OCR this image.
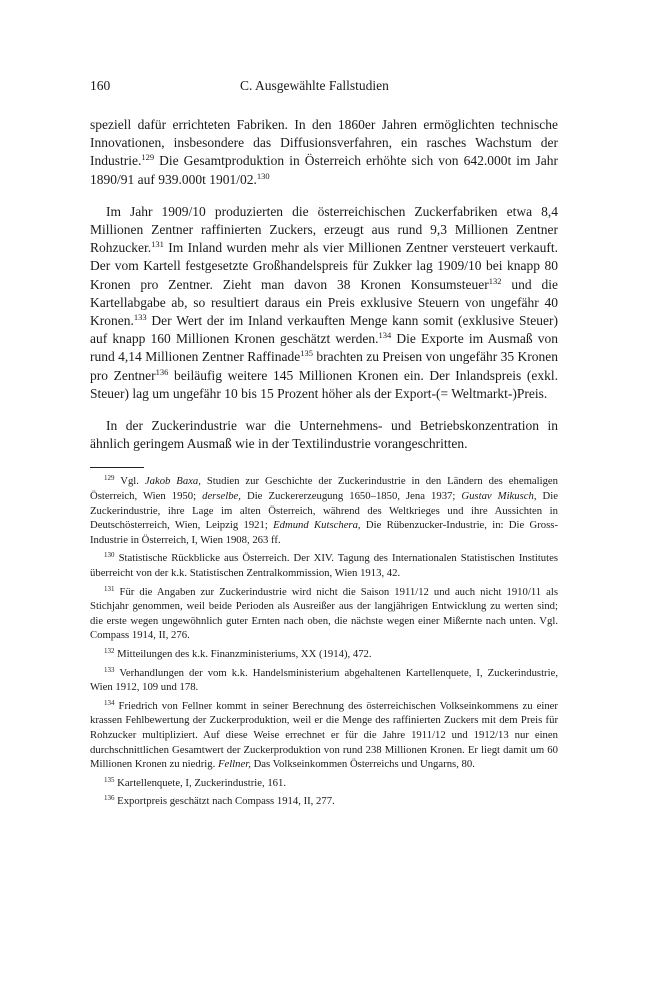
160	C. Ausgewählte Fallstudien

speziell dafür errichteten Fabriken. In den 1860er Jahren ermöglichten technische Innovationen, insbesondere das Diffusionsverfahren, ein rasches Wachstum der Industrie.$^{129}$ Die Gesamtproduktion in Österreich erhöhte sich von 642.000t im Jahr 1890/91 auf 939.000t 1901/02.$^{130}$

Im Jahr 1909/10 produzierten die österreichischen Zuckerfabriken etwa 8,4 Millionen Zentner raffinierten Zuckers, erzeugt aus rund 9,3 Millionen Zentner Rohzucker.$^{131}$ Im Inland wurden mehr als vier Millionen Zentner versteuert verkauft. Der vom Kartell festgesetzte Großhandelspreis für Zukker lag 1909/10 bei knapp 80 Kronen pro Zentner. Zieht man davon 38 Kronen Konsumsteuer$^{132}$ und die Kartellabgabe ab, so resultiert daraus ein Preis exklusive Steuern von ungefähr 40 Kronen.$^{133}$ Der Wert der im Inland verkauften Menge kann somit (exklusive Steuer) auf knapp 160 Millionen Kronen geschätzt werden.$^{134}$ Die Exporte im Ausmaß von rund 4,14 Millionen Zentner Raffinade$^{135}$ brachten zu Preisen von ungefähr 35 Kronen pro Zentner$^{136}$ beiläufig weitere 145 Millionen Kronen ein. Der Inlandspreis (exkl. Steuer) lag um ungefähr 10 bis 15 Prozent höher als der Export-(= Weltmarkt-)Preis.

In der Zuckerindustrie war die Unternehmens- und Betriebskonzentration in ähnlich geringem Ausmaß wie in der Textilindustrie vorangeschritten.

$^{129}$ Vgl. Jakob Baxa, Studien zur Geschichte der Zuckerindustrie in den Ländern des ehemaligen Österreich, Wien 1950; derselbe, Die Zuckererzeugung 1650–1850, Jena 1937; Gustav Mikusch, Die Zuckerindustrie, ihre Lage im alten Österreich, während des Weltkrieges und ihre Aussichten in Deutschösterreich, Wien, Leipzig 1921; Edmund Kutschera, Die Rübenzucker-Industrie, in: Die Gross-Industrie in Österreich, I, Wien 1908, 263 ff.
$^{130}$ Statistische Rückblicke aus Österreich. Der XIV. Tagung des Internationalen Statistischen Institutes überreicht von der k.k. Statistischen Zentralkommission, Wien 1913, 42.
$^{131}$ Für die Angaben zur Zuckerindustrie wird nicht die Saison 1911/12 und auch nicht 1910/11 als Stichjahr genommen, weil beide Perioden als Ausreißer aus der langjährigen Entwicklung zu werten sind; die erste wegen ungewöhnlich guter Ernten nach oben, die nächste wegen einer Mißernte nach unten. Vgl. Compass 1914, II, 276.
$^{132}$ Mitteilungen des k.k. Finanzministeriums, XX (1914), 472.
$^{133}$ Verhandlungen der vom k.k. Handelsministerium abgehaltenen Kartellenquete, I, Zuckerindustrie, Wien 1912, 109 und 178.
$^{134}$ Friedrich von Fellner kommt in seiner Berechnung des österreichischen Volkseinkommens zu einer krassen Fehlbewertung der Zuckerproduktion, weil er die Menge des raffinierten Zuckers mit dem Preis für Rohzucker multipliziert. Auf diese Weise errechnet er für die Jahre 1911/12 und 1912/13 nur einen durchschnittlichen Gesamtwert der Zuckerproduktion von rund 238 Millionen Kronen. Er liegt damit um 60 Millionen Kronen zu niedrig. Fellner, Das Volkseinkommen Österreichs und Ungarns, 80.
$^{135}$ Kartellenquete, I, Zuckerindustrie, 161.
$^{136}$ Exportpreis geschätzt nach Compass 1914, II, 277.
